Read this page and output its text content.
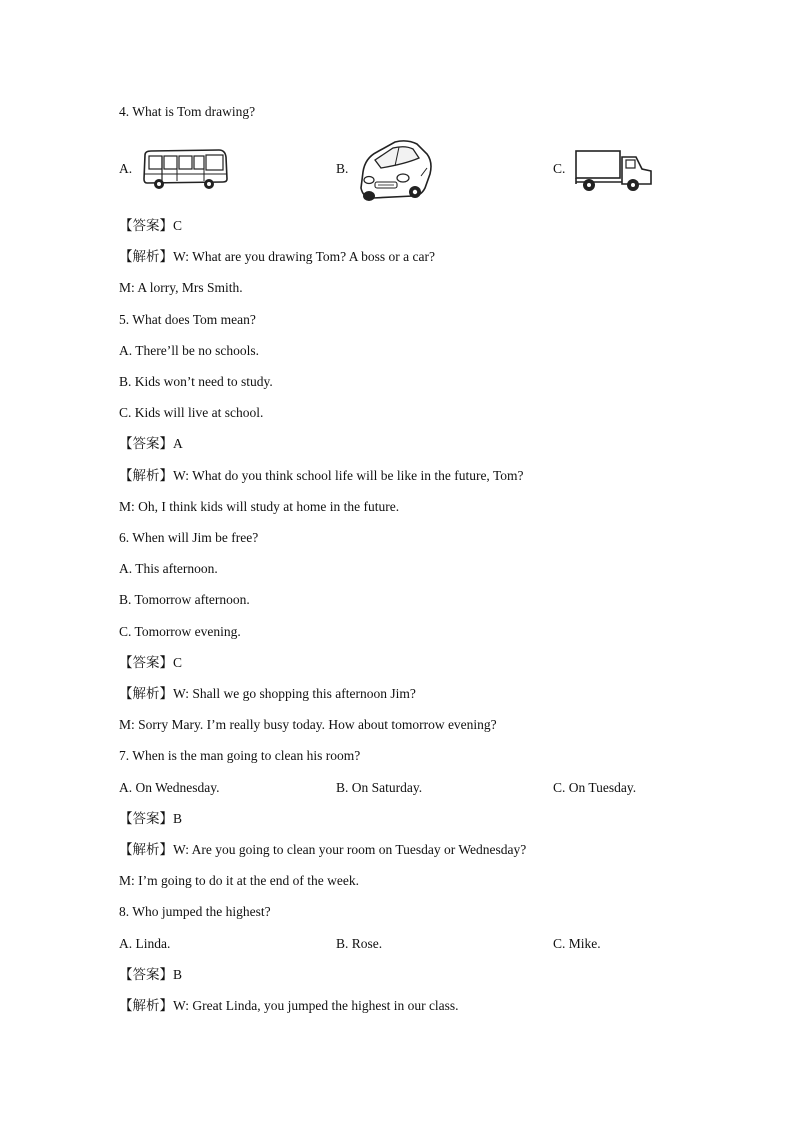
4. What is Tom drawing?
A.	B.	C.
【答案】C
【解析】W: What are you drawing Tom? A boss or a car?
M: A lorry, Mrs Smith.
5. What does Tom mean?
A. There’ll be no schools.
B. Kids won’t need to study.
C. Kids will live at school.
【答案】A
【解析】W: What do you think school life will be like in the future, Tom?
M: Oh, I think kids will study at home in the future.
6. When will Jim be free?
A. This afternoon.
B. Tomorrow afternoon.
C. Tomorrow evening.
【答案】C
【解析】W: Shall we go shopping this afternoon Jim?
M: Sorry Mary. I’m really busy today. How about tomorrow evening?
7. When is the man going to clean his room?
A. On Wednesday.	B. On Saturday.	C. On Tuesday.
【答案】B
【解析】W: Are you going to clean your room on Tuesday or Wednesday?
M: I’m going to do it at the end of the week.
8. Who jumped the highest?
A. Linda.	B. Rose.	C. Mike.
【答案】B
【解析】W: Great Linda, you jumped the highest in our class.
